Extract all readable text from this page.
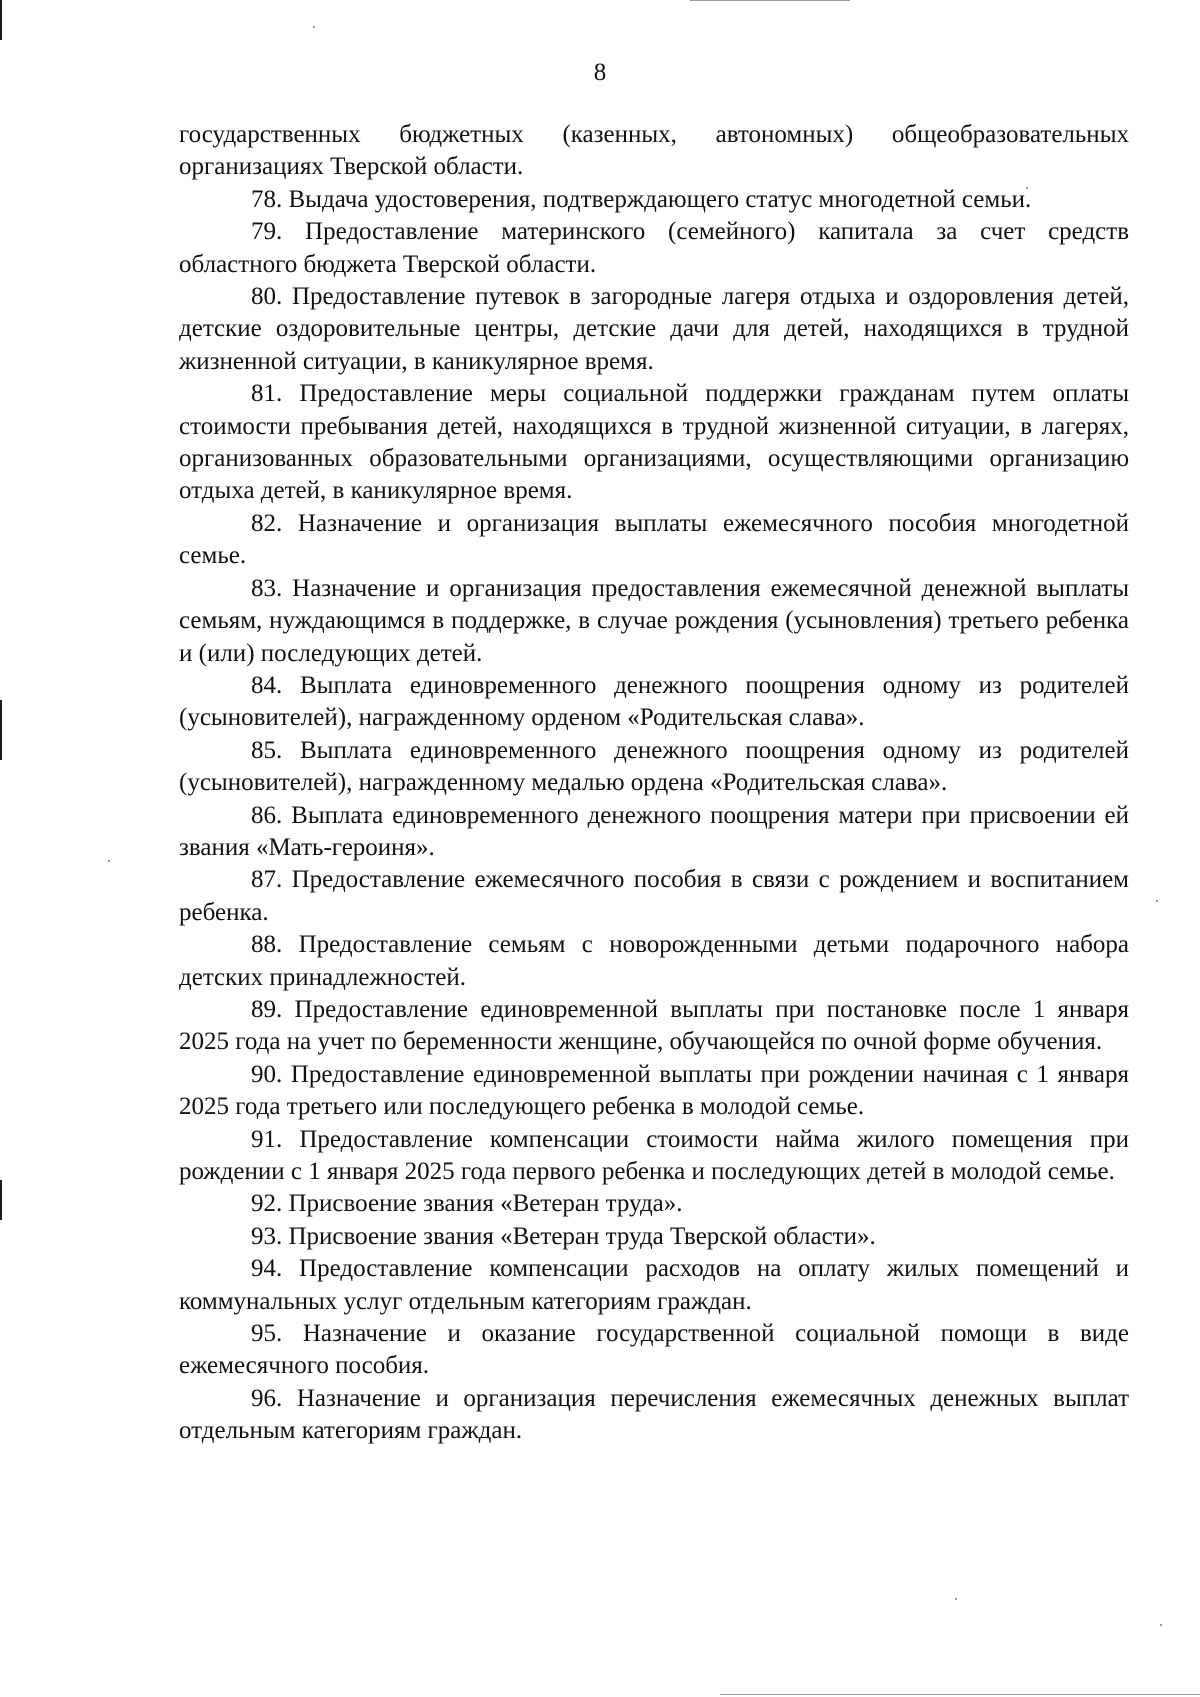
8

государственных бюджетных (казенных, автономных) общеобразовательных организациях Тверской области.

78. Выдача удостоверения, подтверждающего статус многодетной семьи.

79. Предоставление материнского (семейного) капитала за счет средств областного бюджета Тверской области.

80. Предоставление путевок в загородные лагеря отдыха и оздоровления детей, детские оздоровительные центры, детские дачи для детей, находящихся в трудной жизненной ситуации, в каникулярное время.

81. Предоставление меры социальной поддержки гражданам путем оплаты стоимости пребывания детей, находящихся в трудной жизненной ситуации, в лагерях, организованных образовательными организациями, осуществляющими организацию отдыха детей, в каникулярное время.

82. Назначение и организация выплаты ежемесячного пособия многодетной семье.

83. Назначение и организация предоставления ежемесячной денежной выплаты семьям, нуждающимся в поддержке, в случае рождения (усыновления) третьего ребенка и (или) последующих детей.

84. Выплата единовременного денежного поощрения одному из родителей (усыновителей), награжденному орденом «Родительская слава».

85. Выплата единовременного денежного поощрения одному из родителей (усыновителей), награжденному медалью ордена «Родительская слава».

86. Выплата единовременного денежного поощрения матери при присвоении ей звания «Мать-героиня».

87. Предоставление ежемесячного пособия в связи с рождением и воспитанием ребенка.

88. Предоставление семьям с новорожденными детьми подарочного набора детских принадлежностей.

89. Предоставление единовременной выплаты при постановке после 1 января 2025 года на учет по беременности женщине, обучающейся по очной форме обучения.

90. Предоставление единовременной выплаты при рождении начиная с 1 января 2025 года третьего или последующего ребенка в молодой семье.

91. Предоставление компенсации стоимости найма жилого помещения при рождении с 1 января 2025 года первого ребенка и последующих детей в молодой семье.

92. Присвоение звания «Ветеран труда».

93. Присвоение звания «Ветеран труда Тверской области».

94. Предоставление компенсации расходов на оплату жилых помещений и коммунальных услуг отдельным категориям граждан.

95. Назначение и оказание государственной социальной помощи в виде ежемесячного пособия.

96. Назначение и организация перечисления ежемесячных денежных выплат отдельным категориям граждан.
